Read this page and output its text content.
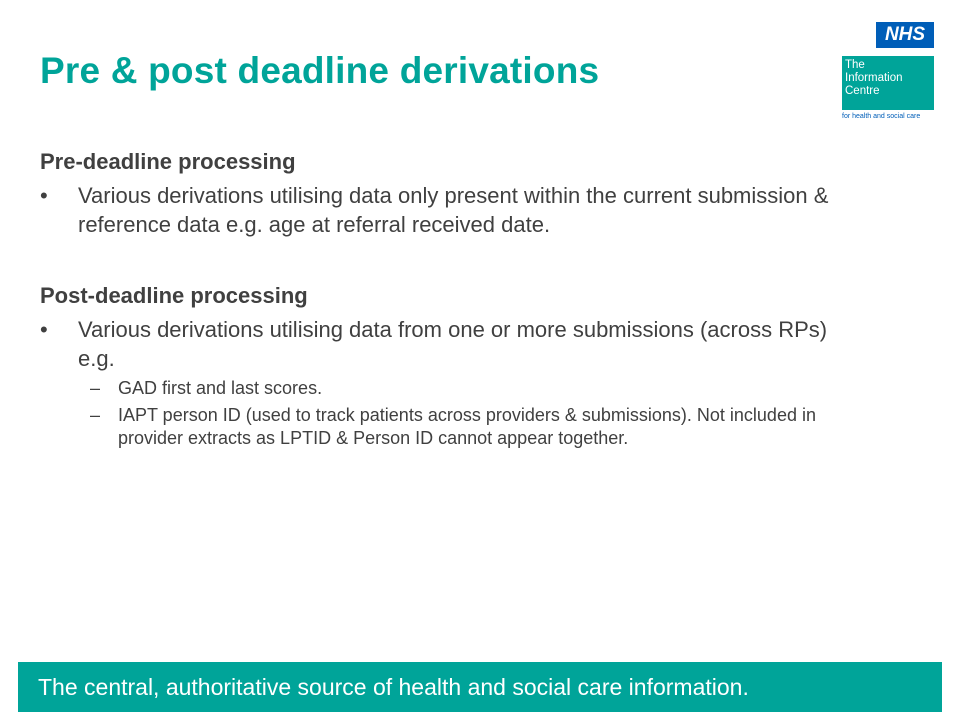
Pre & post deadline derivations
NHS
The
Information
Centre
for health and social care
Pre-deadline processing
• Various derivations utilising data only present within the current submission & reference data e.g. age at referral received date.
Post-deadline processing
• Various derivations utilising data from one or more submissions (across RPs) e.g.
– GAD first and last scores.
– IAPT person ID (used to track patients across providers & submissions). Not included in provider extracts as LPTID & Person ID cannot appear together.
The central, authoritative source of health and social care information.
